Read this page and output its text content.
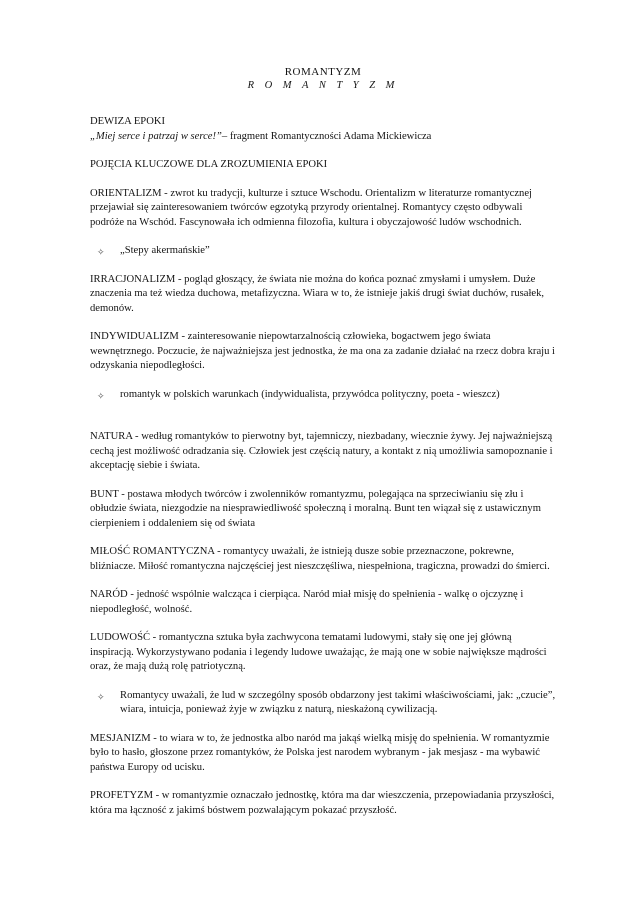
ROMANTYZM
R O M A N T Y Z M
DEWIZA EPOKI
„Miej serce i patrzaj w serce!”– fragment Romantyczności Adama Mickiewicza
POJĘCIA KLUCZOWE DLA ZROZUMIENIA EPOKI
ORIENTALIZM - zwrot ku tradycji, kulturze i sztuce Wschodu. Orientalizm w literaturze romantycznej przejawiał się zainteresowaniem twórców egzotyką przyrody orientalnej. Romantycy często odbywali podróże na Wschód. Fascynowała ich odmienna filozofia, kultura i obyczajowość ludów wschodnich.
✧ „Stepy akermańskie”
IRRACJONALIZM - pogląd głoszący, że świata nie można do końca poznać zmysłami i umysłem. Duże znaczenia ma też wiedza duchowa, metafizyczna. Wiara w to, że istnieje jakiś drugi świat duchów, rusałek, demonów.
INDYWIDUALIZM - zainteresowanie niepowtarzalnością człowieka, bogactwem jego świata wewnętrznego. Poczucie, że najważniejsza jest jednostka, że ma ona za zadanie działać na rzecz dobra kraju i odzyskania niepodległości.
✧ romantyk w polskich warunkach (indywidualista, przywódca polityczny, poeta - wieszcz)
NATURA - według romantyków to pierwotny byt, tajemniczy, niezbadany, wiecznie żywy. Jej najważniejszą cechą jest możliwość odradzania się. Człowiek jest częścią natury, a kontakt z nią umożliwia samopoznanie i akceptację siebie i świata.
BUNT - postawa młodych twórców i zwolenników romantyzmu, polegająca na sprzeciwianiu się złu i obłudzie świata, niezgodzie na niesprawiedliwość społeczną i moralną. Bunt ten wiązał się z ustawicznym cierpieniem i oddaleniem się od świata
MIŁOŚĆ ROMANTYCZNA - romantycy uważali, że istnieją dusze sobie przeznaczone, pokrewne, bliźniacze. Miłość romantyczna najczęściej jest nieszczęśliwa, niespełniona, tragiczna, prowadzi do śmierci.
NARÓD - jedność wspólnie walcząca i cierpiąca. Naród miał misję do spełnienia - walkę o ojczyznę i niepodległość, wolność.
LUDOWOŚĆ - romantyczna sztuka była zachwycona tematami ludowymi, stały się one jej główną inspiracją. Wykorzystywano podania i legendy ludowe uważając, że mają one w sobie największe mądrości oraz, że mają dużą rolę patriotyczną.
✧ Romantycy uważali, że lud w szczególny sposób obdarzony jest takimi właściwościami, jak: „czucie”, wiara, intuicja, ponieważ żyje w związku z naturą, nieskażoną cywilizacją.
MESJANIZM - to wiara w to, że jednostka albo naród ma jakąś wielką misję do spełnienia. W romantyzmie było to hasło, głoszone przez romantyków, że Polska jest narodem wybranym - jak mesjasz - ma wybawić państwa Europy od ucisku.
PROFETYZM - w romantyzmie oznaczało jednostkę, która ma dar wieszczenia, przepowiadania przyszłości, która ma łączność z jakimś bóstwem pozwalającym pokazać przyszłość.
